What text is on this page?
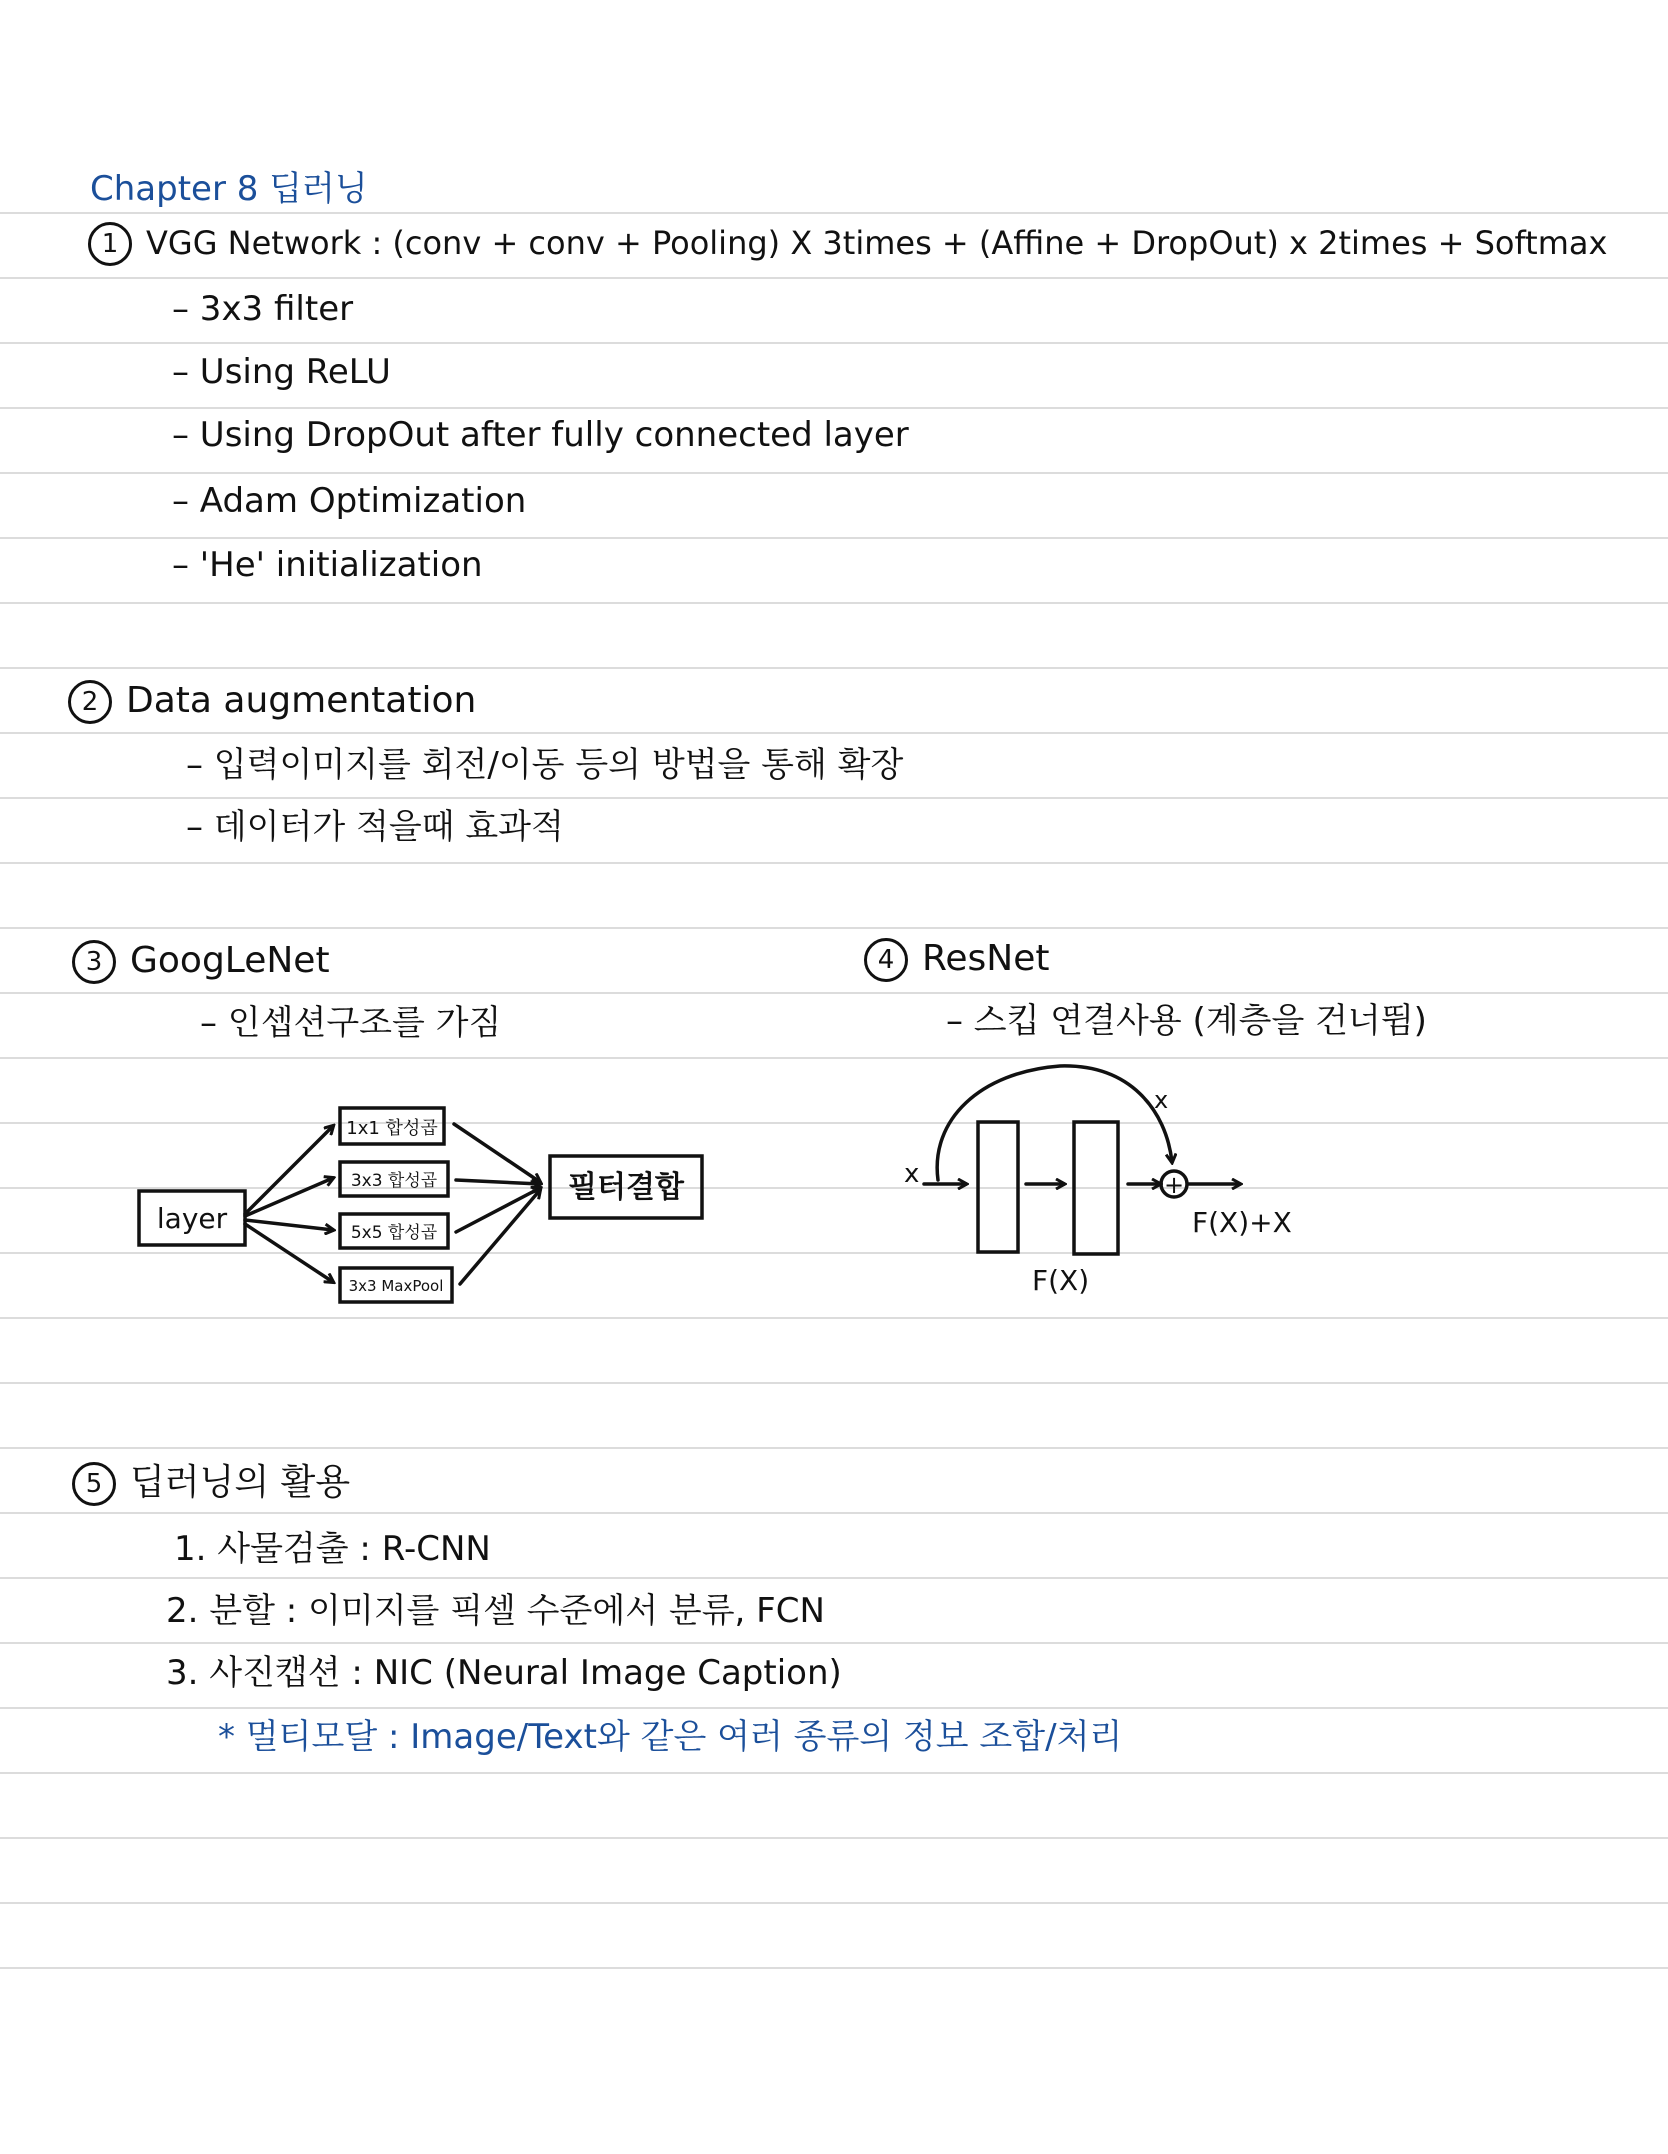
Chapter 8 딥러닝
1 VGG Network : (conv + conv + Pooling) X 3times + (Affine + DropOut) x 2times + Softmax
– 3x3 filter
– Using ReLU
– Using DropOut after fully connected layer
– Adam Optimization
– 'He' initialization
2 Data augmentation
– 입력이미지를 회전/이동 등의 방법을 통해 확장
– 데이터가 적을때 효과적
3 GoogLeNet
– 인셉션구조를 가짐
4 ResNet
– 스킵 연결사용 (계층을 건너뜀)
layer
1x1 합성곱
3x3 합성곱
5x5 합성곱
3x3 MaxPool
필터결합	x	+
x
F(X)
F(X)+X
5 딥러닝의 활용
1. 사물검출 : R-CNN
2. 분할 : 이미지를 픽셀 수준에서 분류, FCN
3. 사진캡션 : NIC (Neural Image Caption)
* 멀티모달 : Image/Text와 같은 여러 종류의 정보 조합/처리
